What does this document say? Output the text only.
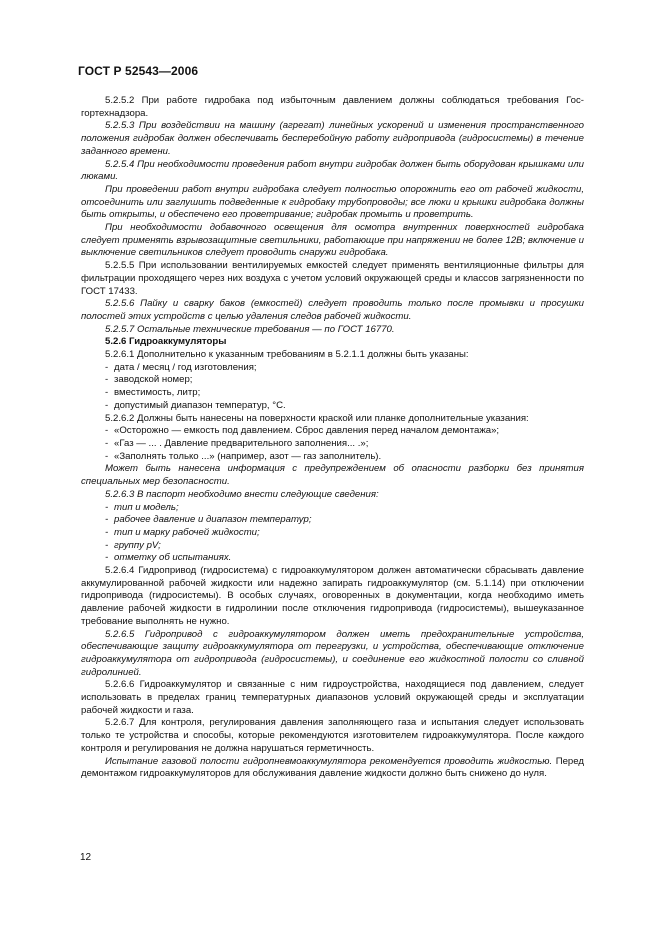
ГОСТ Р 52543—2006

5.2.5.2 При работе гидробака под избыточным давлением должны соблюдаться требования Госгортехнадзора.

5.2.5.3 При воздействии на машину (агрегат) линейных ускорений и изменения пространственного положения гидробак должен обеспечивать бесперебойную работу гидропривода (гидросистемы) в течение заданного времени.

5.2.5.4 При необходимости проведения работ внутри гидробак должен быть оборудован крышками или люками.

При проведении работ внутри гидробака следует полностью опорожнить его от рабочей жидкости, отсоединить или заглушить подведенные к гидробаку трубопроводы; все люки и крышки гидробака должны быть открыты, и обеспечено его проветривание; гидробак промыть и проветрить.

При необходимости добавочного освещения для осмотра внутренних поверхностей гидробака следует применять взрывозащитные светильники, работающие при напряжении не более 12В; включение и выключение светильников следует проводить снаружи гидробака.

5.2.5.5 При использовании вентилируемых емкостей следует применять вентиляционные фильтры для фильтрации проходящего через них воздуха с учетом условий окружающей среды и классов загрязненности по ГОСТ 17433.

5.2.5.6 Пайку и сварку баков (емкостей) следует проводить только после промывки и просушки полостей этих устройств с целью удаления следов рабочей жидкости.

5.2.5.7 Остальные технические требования — по ГОСТ 16770.

5.2.6 Гидроаккумуляторы

5.2.6.1 Дополнительно к указанным требованиям в 5.2.1.1 должны быть указаны:

- дата / месяц / год изготовления;
- заводской номер;
- вместимость, литр;
- допустимый диапазон температур, °С.

5.2.6.2 Должны быть нанесены на поверхности краской или планке дополнительные указания:

- «Осторожно — емкость под давлением. Сброс давления перед началом демонтажа»;
- «Газ — ... . Давление предварительного заполнения... .»;
- «Заполнять только ...» (например, азот — газ заполнитель).

Может быть нанесена информация с предупреждением об опасности разборки без принятия специальных мер безопасности.

5.2.6.3 В паспорт необходимо внести следующие сведения:

- тип и модель;
- рабочее давление и диапазон температур;
- тип и марку рабочей жидкости;
- группу pV;
- отметку об испытаниях.

5.2.6.4 Гидропривод (гидросистема) с гидроаккумулятором должен автоматически сбрасывать давление аккумулированной рабочей жидкости или надежно запирать гидроаккумулятор (см. 5.1.14) при отключении гидропривода (гидросистемы). В особых случаях, оговоренных в документации, когда необходимо иметь давление рабочей жидкости в гидролинии после отключения гидропривода (гидросистемы), вышеуказанное требование выполнять не нужно.

5.2.6.5 Гидропривод с гидроаккумулятором должен иметь предохранительные устройства, обеспечивающие защиту гидроаккумулятора от перегрузки, и устройства, обеспечивающие отключение гидроаккумулятора от гидропривода (гидросистемы), и соединение его жидкостной полости со сливной гидролинией.

5.2.6.6 Гидроаккумулятор и связанные с ним гидроустройства, находящиеся под давлением, следует использовать в пределах границ температурных диапазонов условий окружающей среды и эксплуатации рабочей жидкости и газа.

5.2.6.7 Для контроля, регулирования давления заполняющего газа и испытания следует использовать только те устройства и способы, которые рекомендуются изготовителем гидроаккумулятора. После каждого контроля и регулирования не должна нарушаться герметичность.

Испытание газовой полости гидропневмоаккумулятора рекомендуется проводить жидкостью. Перед демонтажом гидроаккумуляторов для обслуживания давление жидкости должно быть снижено до нуля.

12
